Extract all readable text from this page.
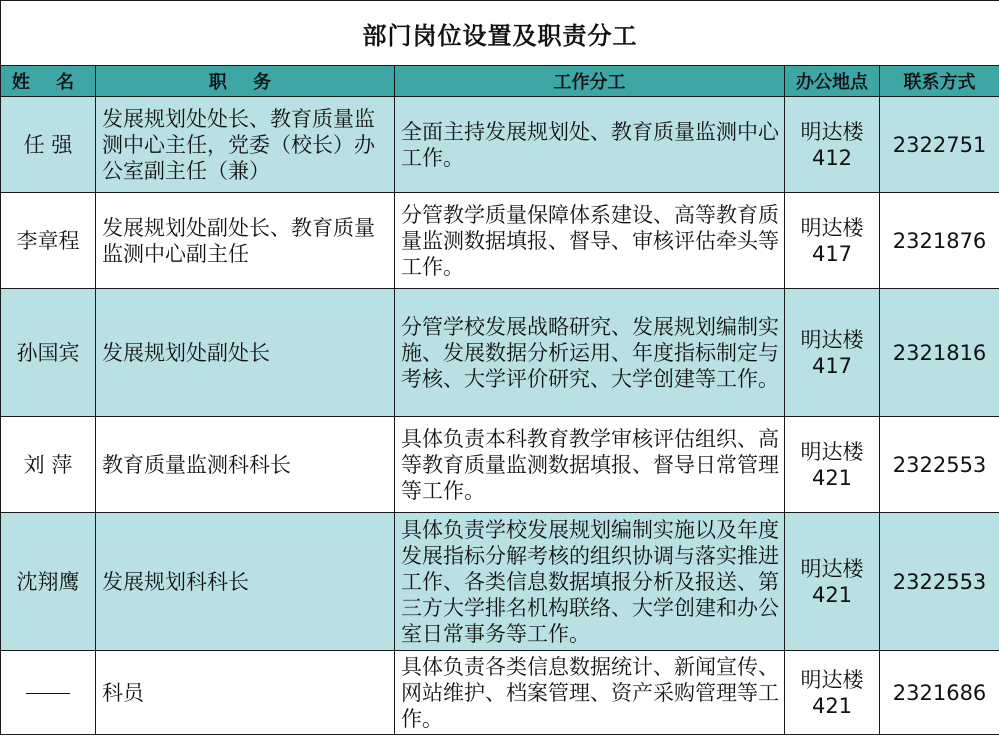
部门岗位设置及职责分工				
姓 名	职 务	工作分工	办公地点	联系方式
任 强	发展规划处处长、教育质量监测中心主任，党委（校长）办公室副主任（兼）	全面主持发展规划处、教育质量监测中心工作。	明达楼412	2322751
李章程	发展规划处副处长、教育质量监测中心副主任	分管教学质量保障体系建设、高等教育质量监测数据填报、督导、审核评估牵头等工作。	明达楼417	2321876
孙国宾	发展规划处副处长	分管学校发展战略研究、发展规划编制实施、发展数据分析运用、年度指标制定与考核、大学评价研究、大学创建等工作。	明达楼417	2321816
刘 萍	教育质量监测科科长	具体负责本科教育教学审核评估组织、高等教育质量监测数据填报、督导日常管理等工作。	明达楼421	2322553
沈翔鹰	发展规划科科长	具体负责学校发展规划编制实施以及年度发展指标分解考核的组织协调与落实推进工作、各类信息数据填报分析及报送、第三方大学排名机构联络、大学创建和办公室日常事务等工作。	明达楼421	2322553
	科员	具体负责各类信息数据统计、新闻宣传、网站维护、档案管理、资产采购管理等工作。	明达楼421	2321686
